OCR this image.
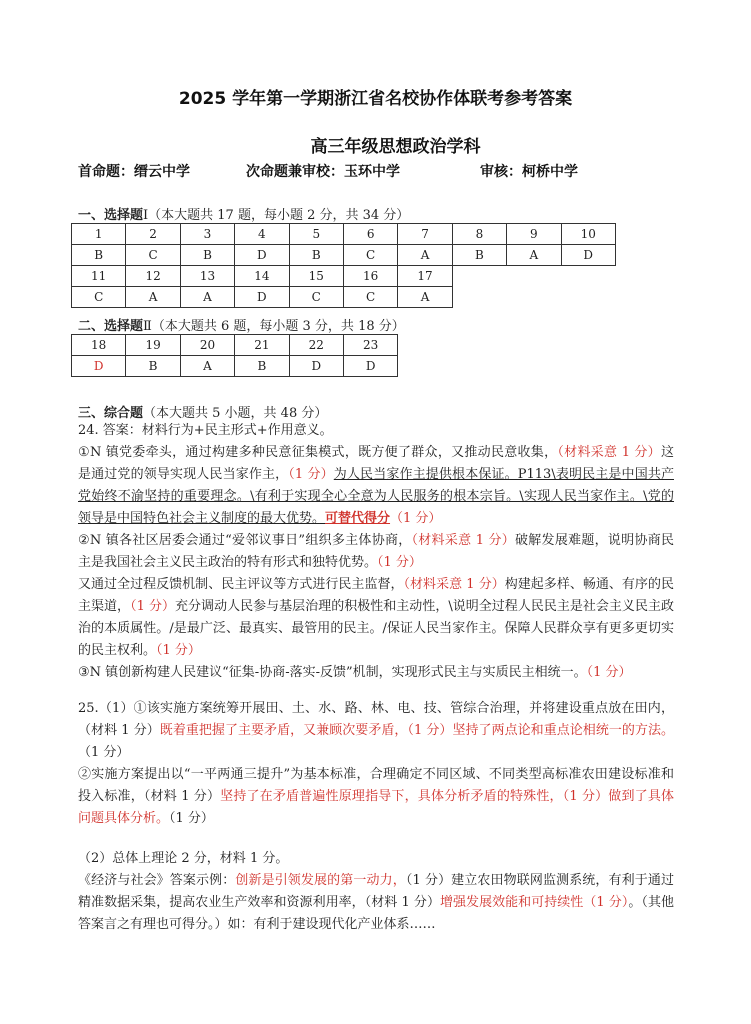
2025 学年第一学期浙江省名校协作体联考参考答案
高三年级思想政治学科
首命题：缙云中学	次命题兼审校：玉环中学	审核：柯桥中学
一、选择题Ⅰ（本大题共 17 题，每小题 2 分，共 34 分）
1	2	3	4	5	6	7	8	9	10
B	C	B	D	B	C	A	B	A	D
11	12	13	14	15	16	17			
C	A	A	D	C	C	A			
二、选择题Ⅱ（本大题共 6 题，每小题 3 分，共 18 分）
18	19	20	21	22	23
D	B	A	B	D	D
三、综合题（本大题共 5 小题，共 48 分）

24. 答案：材料行为+民主形式+作用意义。

①N 镇党委牵头，通过构建多种民意征集模式，既方便了群众，又推动民意收集，（材料采意 1 分）这是通过党的领导实现人民当家作主，（1 分）为人民当家作主提供根本保证。P113\表明民主是中国共产党始终不渝坚持的重要理念。\有利于实现全心全意为人民服务的根本宗旨。\实现人民当家作主。\党的领导是中国特色社会主义制度的最大优势。可替代得分（1 分）

②N 镇各社区居委会通过“爱邻议事日”组织多主体协商，（材料采意 1 分）破解发展难题，说明协商民主是我国社会主义民主政治的特有形式和独特优势。（1 分）

又通过全过程反馈机制、民主评议等方式进行民主监督，（材料采意 1 分）构建起多样、畅通、有序的民主渠道，（1 分）充分调动人民参与基层治理的积极性和主动性，\说明全过程人民民主是社会主义民主政治的本质属性。/是最广泛、最真实、最管用的民主。/保证人民当家作主。保障人民群众享有更多更切实的民主权利。（1 分）

③N 镇创新构建人民建议“征集-协商-落实-反馈”机制，实现形式民主与实质民主相统一。（1 分）

25.（1）①该实施方案统筹开展田、土、水、路、林、电、技、管综合治理，并将建设重点放在田内，（材料 1 分）既着重把握了主要矛盾，又兼顾次要矛盾，（1 分）坚持了两点论和重点论相统一的方法。（1 分）

②实施方案提出以“一平两通三提升”为基本标准，合理确定不同区域、不同类型高标准农田建设标准和投入标准，（材料 1 分）坚持了在矛盾普遍性原理指导下，具体分析矛盾的特殊性，（1 分）做到了具体问题具体分析。（1 分）

（2）总体上理论 2 分，材料 1 分。

《经济与社会》答案示例：创新是引领发展的第一动力，（1 分）建立农田物联网监测系统，有利于通过精准数据采集，提高农业生产效率和资源利用率，（材料 1 分）增强发展效能和可持续性（1 分）。（其他答案言之有理也可得分。）如：有利于建设现代化产业体系……
